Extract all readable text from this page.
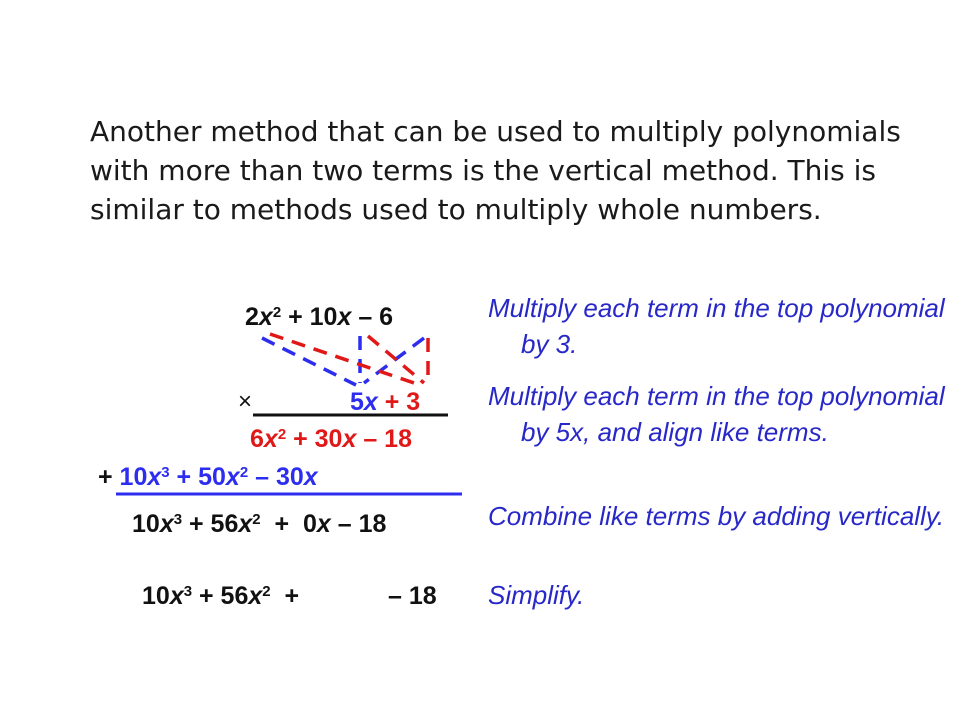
Another method that can be used to multiply polynomials with more than two terms is the vertical method. This is similar to methods used to multiply whole numbers.

$2x^2 + 10x - 6$
×	5x + 3
$6x^2 + 30x - 18$
+ $10x^3 + 50x^2 - 30x$
$10x^3 + 56x^2 + 0x - 18$
$10x^3 + 56x^2$  +	– 18

Multiply each term in the top polynomial by 3.

Multiply each term in the top polynomial by 5x, and align like terms.

Combine like terms by adding vertically.

Simplify.
